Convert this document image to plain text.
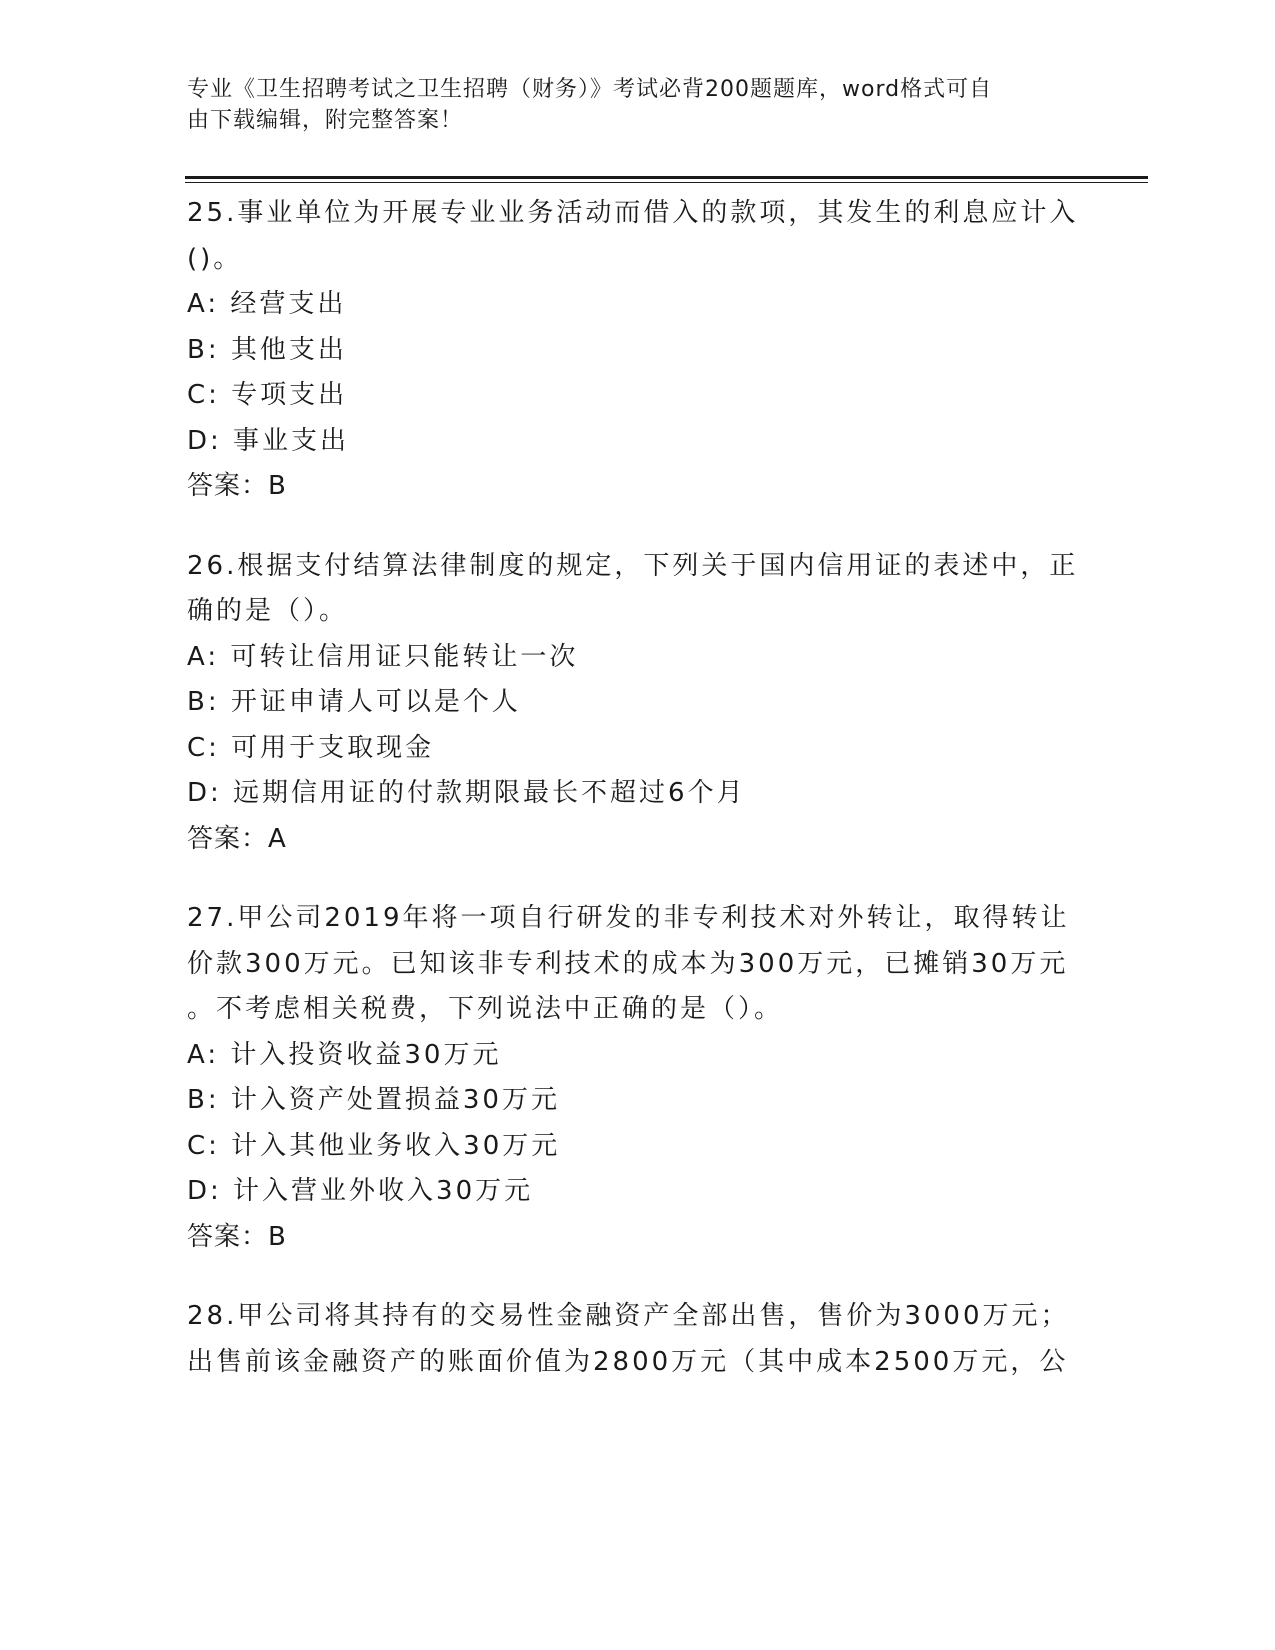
专业《卫生招聘考试之卫生招聘（财务）》考试必背200题题库，word格式可自
由下载编辑，附完整答案！
25.事业单位为开展专业业务活动而借入的款项，其发生的利息应计入
()。
A: 经营支出
B: 其他支出
C: 专项支出
D: 事业支出
答案：B
26.根据支付结算法律制度的规定，下列关于国内信用证的表述中，正
确的是（）。
A: 可转让信用证只能转让一次
B: 开证申请人可以是个人
C: 可用于支取现金
D: 远期信用证的付款期限最长不超过6个月
答案：A
27.甲公司2019年将一项自行研发的非专利技术对外转让，取得转让
价款300万元。已知该非专利技术的成本为300万元，已摊销30万元
。不考虑相关税费，下列说法中正确的是（）。
A: 计入投资收益30万元
B: 计入资产处置损益30万元
C: 计入其他业务收入30万元
D: 计入营业外收入30万元
答案：B
28.甲公司将其持有的交易性金融资产全部出售，售价为3000万元；
出售前该金融资产的账面价值为2800万元（其中成本2500万元，公
